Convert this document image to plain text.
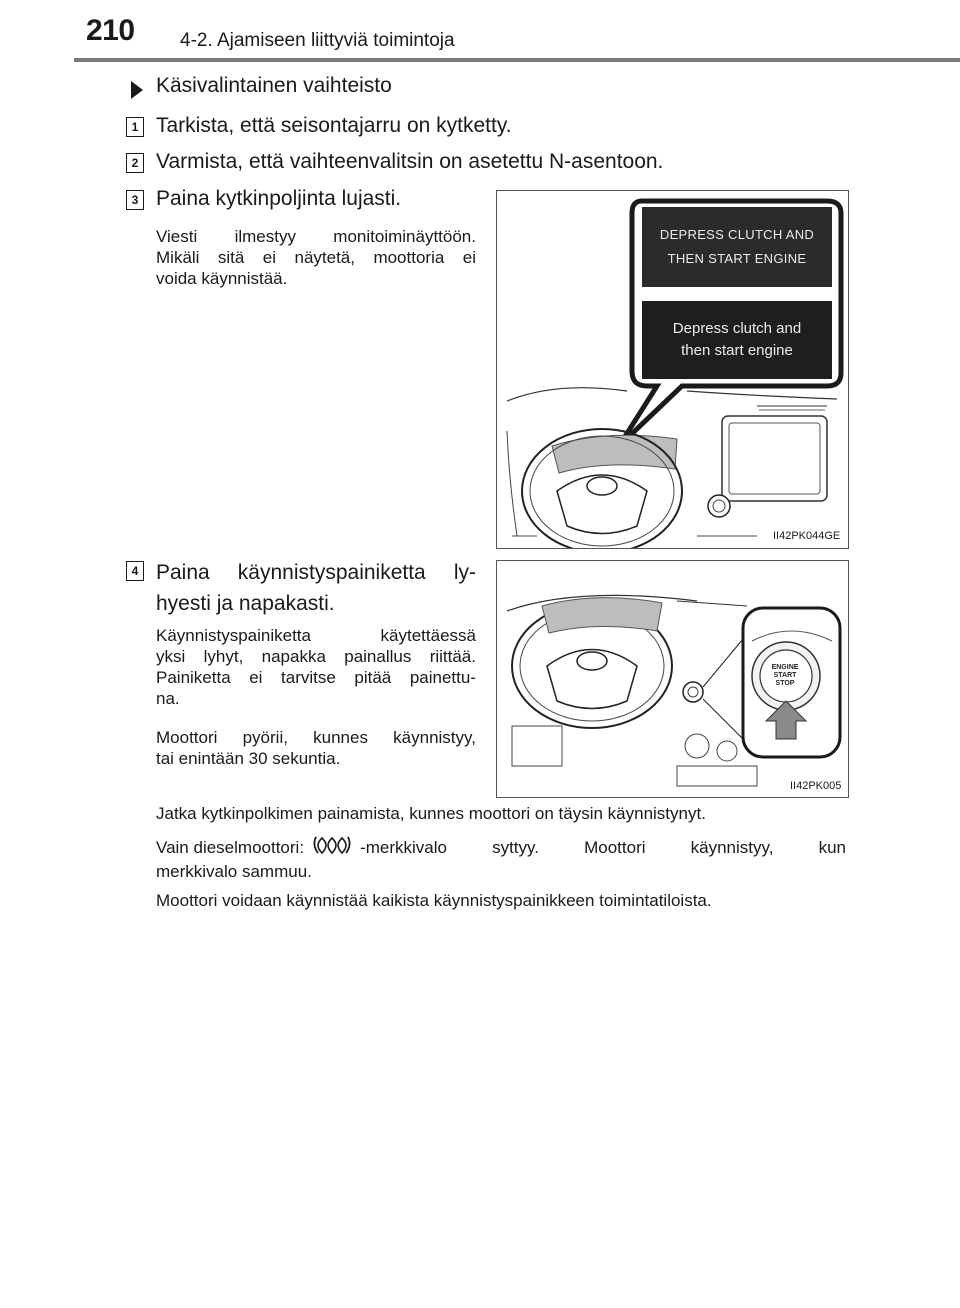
210 4-2. Ajamiseen liittyviä toimintoja
Käsivalintainen vaihteisto
1 Tarkista, että seisontajarru on kytketty.
2 Varmista, että vaihteenvalitsin on asetettu N-asentoon.
3 Paina kytkinpoljinta lujasti.
Viesti ilmestyy monitoiminäyttöön.
Mikäli sitä ei näytetä, moottoria ei
voida käynnistää.
DEPRESS CLUTCH AND
THEN START ENGINE
Depress clutch and
then start engine
II42PK044GE
4 Paina käynnistyspainiketta ly-
hyesti ja napakasti.
Käynnistyspainiketta käytettäessä
yksi lyhyt, napakka painallus riittää.
Painiketta ei tarvitse pitää painettu-
na.
Moottori pyörii, kunnes käynnistyy,
tai enintään 30 sekuntia.
ENGINE
START
STOP
II42PK005
Jatka kytkinpolkimen painamista, kunnes moottori on täysin käynnistynyt.
Vain dieselmoottori:	-merkkivalo syttyy. Moottori käynnistyy, kun
merkkivalo sammuu.
Moottori voidaan käynnistää kaikista käynnistyspainikkeen toimintatiloista.
